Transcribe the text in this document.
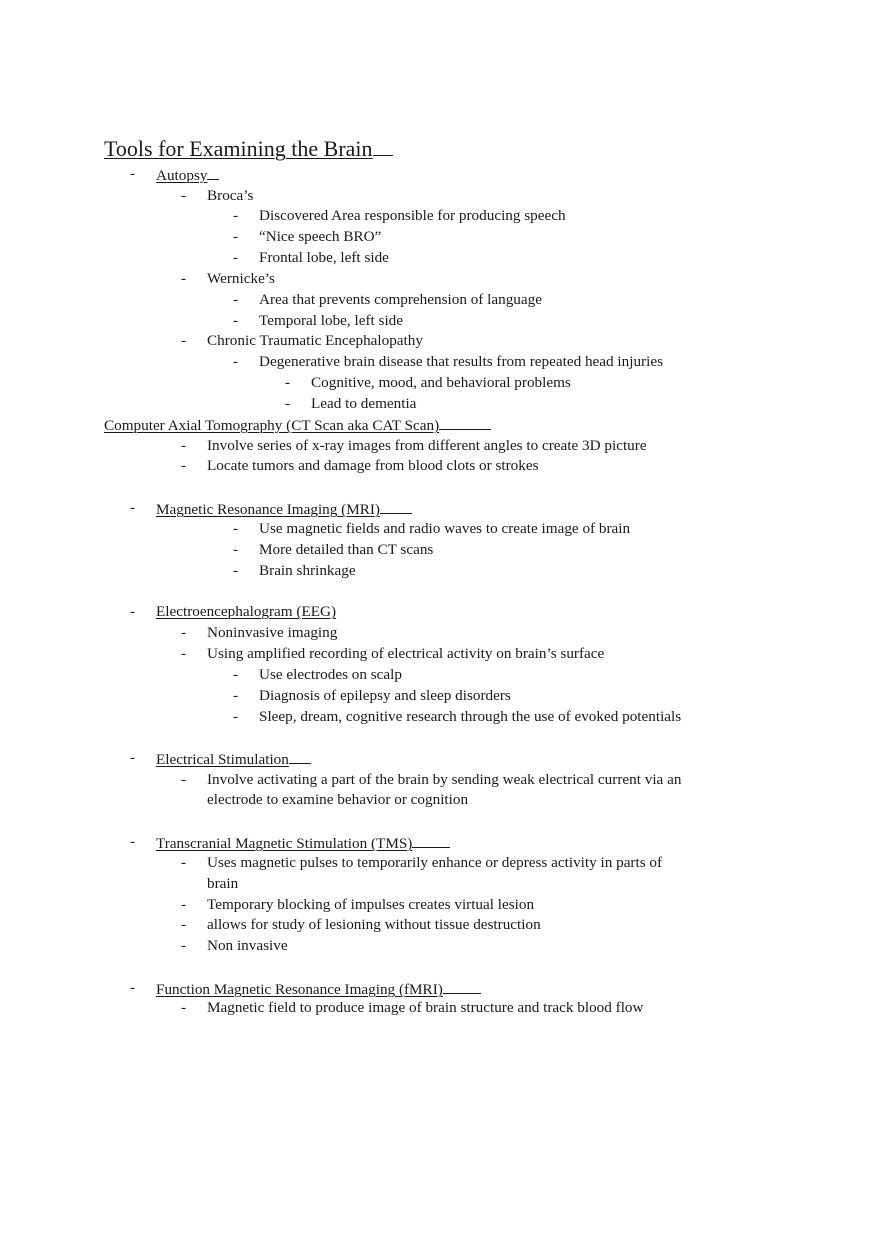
Tools for Examining the Brain
- Autopsy
- Broca’s
- Discovered Area responsible for producing speech
- “Nice speech BRO”
- Frontal lobe, left side
- Wernicke’s
- Area that prevents comprehension of language
- Temporal lobe, left side
- Chronic Traumatic Encephalopathy
- Degenerative brain disease that results from repeated head injuries
- Cognitive, mood, and behavioral problems
- Lead to dementia
Computer Axial Tomography (CT Scan aka CAT Scan)
- Involve series of x-ray images from different angles to create 3D picture
- Locate tumors and damage from blood clots or strokes
- Magnetic Resonance Imaging (MRI)
- Use magnetic fields and radio waves to create image of brain
- More detailed than CT scans
- Brain shrinkage
- Electroencephalogram (EEG)
- Noninvasive imaging
- Using amplified recording of electrical activity on brain’s surface
- Use electrodes on scalp
- Diagnosis of epilepsy and sleep disorders
- Sleep, dream, cognitive research through the use of evoked potentials
- Electrical Stimulation
- Involve activating a part of the brain by sending weak electrical current via an
electrode to examine behavior or cognition
- Transcranial Magnetic Stimulation (TMS)
- Uses magnetic pulses to temporarily enhance or depress activity in parts of
brain
- Temporary blocking of impulses creates virtual lesion
- allows for study of lesioning without tissue destruction
- Non invasive
- Function Magnetic Resonance Imaging (fMRI)
- Magnetic field to produce image of brain structure and track blood flow
